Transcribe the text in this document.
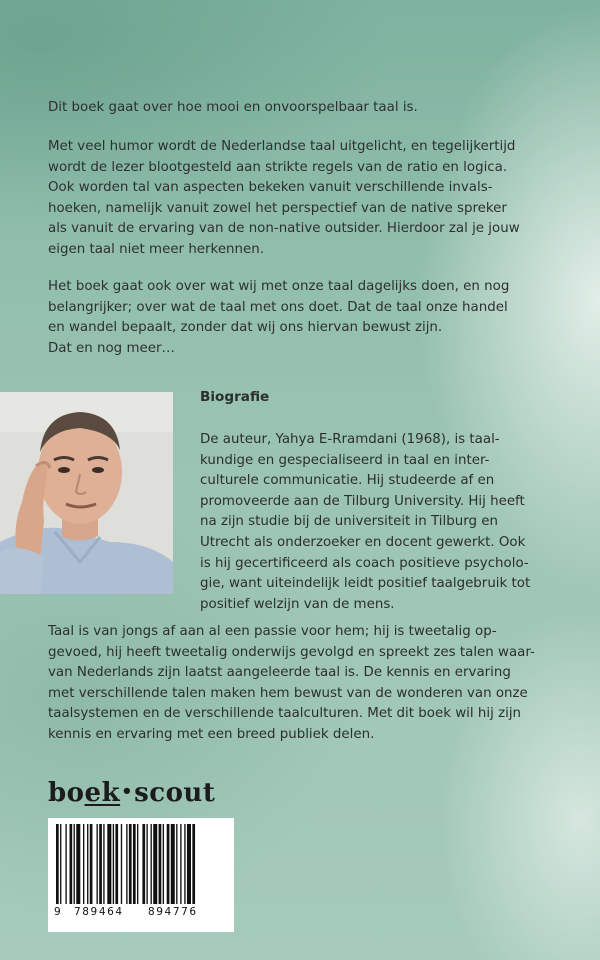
Dit boek gaat over hoe mooi en onvoorspelbaar taal is.

Met veel humor wordt de Nederlandse taal uitgelicht, en tegelijkertijd
wordt de lezer blootgesteld aan strikte regels van de ratio en logica.
Ook worden tal van aspecten bekeken vanuit verschillende invals-
hoeken, namelijk vanuit zowel het perspectief van de native spreker
als vanuit de ervaring van de non-native outsider. Hierdoor zal je jouw
eigen taal niet meer herkennen.
Het boek gaat ook over wat wij met onze taal dagelijks doen, en nog
belangrijker; over wat de taal met ons doet. Dat de taal onze handel
en wandel bepaalt, zonder dat wij ons hiervan bewust zijn.
Dat en nog meer…
Biografie
De auteur, Yahya E-Rramdani (1968), is taal-
kundige en gespecialiseerd in taal en inter-
culturele communicatie. Hij studeerde af en
promoveerde aan de Tilburg University. Hij heeft
na zijn studie bij de universiteit in Tilburg en
Utrecht als onderzoeker en docent gewerkt. Ook
is hij gecertificeerd als coach positieve psycholo-
gie, want uiteindelijk leidt positief taalgebruik tot
positief welzijn van de mens.
Taal is van jongs af aan al een passie voor hem; hij is tweetalig op-
gevoed, hij heeft tweetalig onderwijs gevolgd en spreekt zes talen waar-
van Nederlands zijn laatst aangeleerde taal is. De kennis en ervaring
met verschillende talen maken hem bewust van de wonderen van onze
taalsystemen en de verschillende taalculturen. Met dit boek wil hij zijn
kennis en ervaring met een breed publiek delen.
boek•scout
9 789464 894776
